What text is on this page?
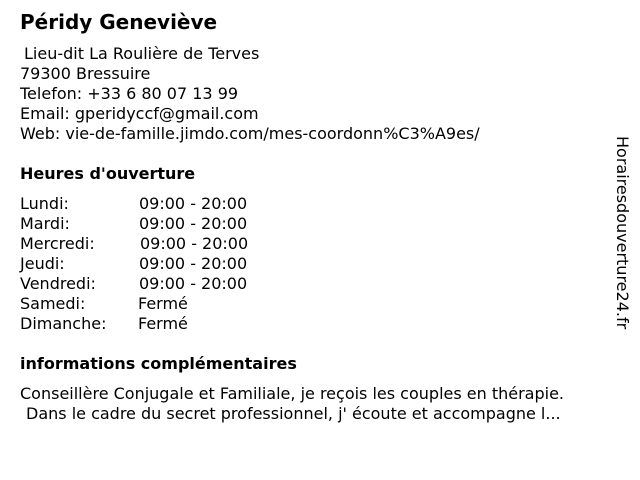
Péridy Geneviève
Lieu-dit La Roulière de Terves
79300 Bressuire
Telefon: +33 6 80 07 13 99
Email: gperidyccf@gmail.com
Web: vie-de-famille.jimdo.com/mes-coordonn%C3%A9es/
Heures d'ouverture
Lundi:	09:00 - 20:00
Mardi:	09:00 - 20:00
Mercredi:	09:00 - 20:00
Jeudi:	09:00 - 20:00
Vendredi:	09:00 - 20:00
Samedi:	Fermé
Dimanche: Fermé
informations complémentaires
Conseillère Conjugale et Familiale, je reçois les couples en thérapie.
Dans le cadre du secret professionnel, j' écoute et accompagne l...
Horairesdouverture24.fr
